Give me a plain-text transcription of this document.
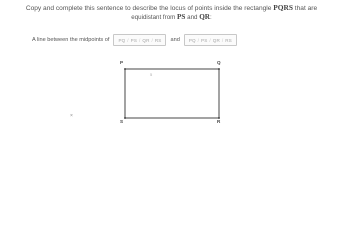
Copy and complete this sentence to describe the locus of points inside the rectangle PQRS that are
equidistant from PS and QR:
A line between the midpoints of PQ / PS / QR / RS and PQ / PS / QR / RS
P	Q
R
S
5
×
